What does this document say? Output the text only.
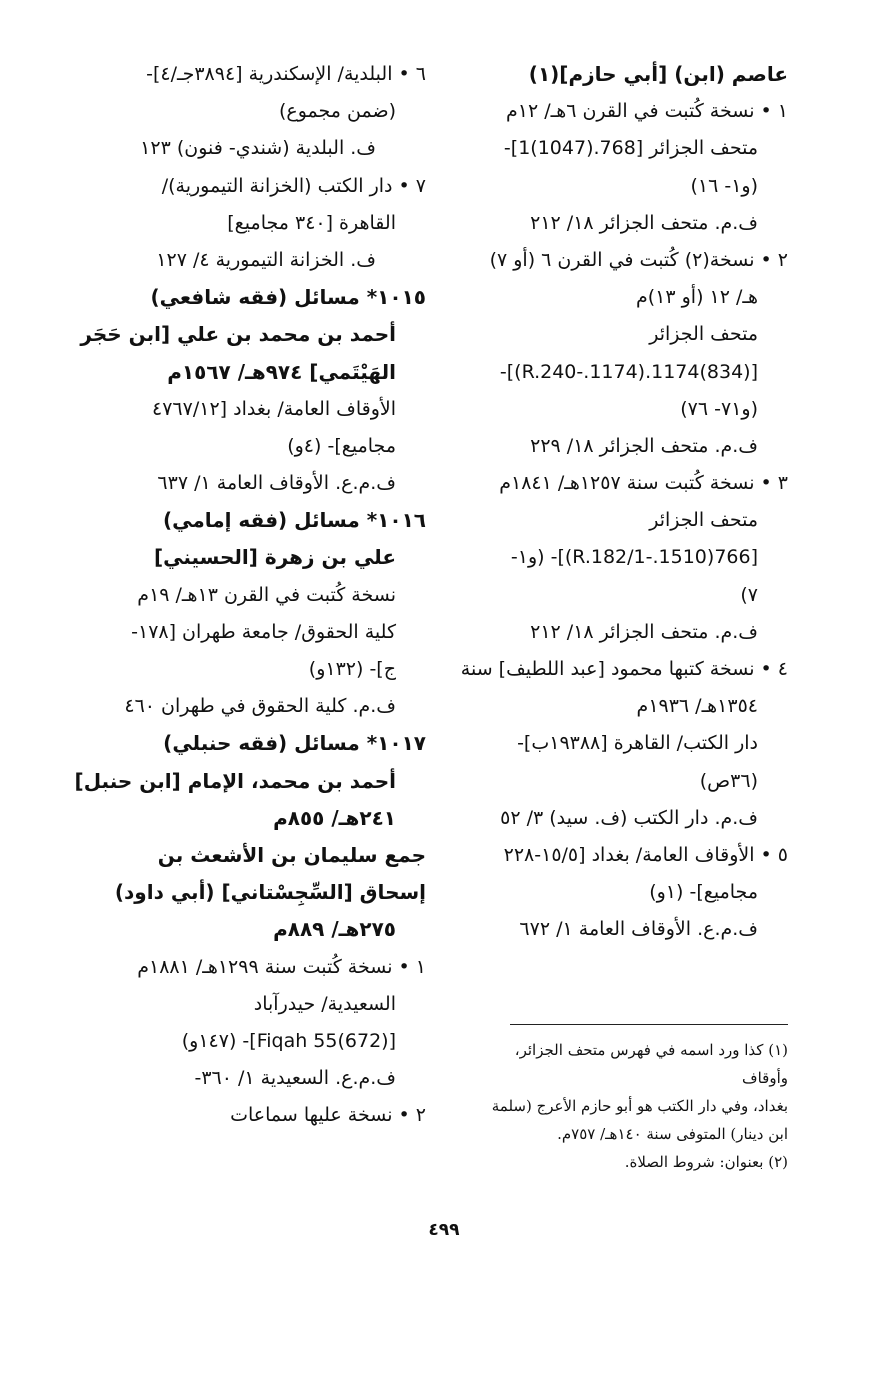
عاصم (ابن) [أبي حازم](١)
١ • نسخة كُتبت في القرن ٦هـ/ ١٢م
متحف الجزائر [768.(1047)1]-
(و١- ١٦)
ف.م. متحف الجزائر ١٨/ ٢١٢
٢ • نسخة(٢) كُتبت في القرن ٦ (أو ٧)
هـ/ ١٢ (أو ١٣)م
متحف الجزائر
[(834)1174.(1174.-R.240)]-
(و٧١- ٧٦)
ف.م. متحف الجزائر ١٨/ ٢٢٩
٣ • نسخة كُتبت سنة ١٢٥٧هـ/ ١٨٤١م
متحف الجزائر
[766(1510.-R.182/1)]- (و١-
٧)
ف.م. متحف الجزائر ١٨/ ٢١٢
٤ • نسخة كتبها محمود [عبد اللطيف] سنة
١٣٥٤هـ/ ١٩٣٦م
دار الكتب/ القاهرة [١٩٣٨٨ب]-
(٣٦ص)
ف.م. دار الكتب (ف. سيد) ٣/ ٥٢
٥ • الأوقاف العامة/ بغداد [١٥/٥-٢٢٨
مجاميع]- (١و)
ف.م.ع. الأوقاف العامة ١/ ٦٧٢
٦ • البلدية/ الإسكندرية [٣٨٩٤جـ/٤]-
(ضمن مجموع)
ف. البلدية (شندي- فنون) ١٢٣
٧ • دار الكتب (الخزانة التيمورية)/
القاهرة [٣٤٠ مجاميع]
ف. الخزانة التيمورية ٤/ ١٢٧
١٠١٥* مسائل (فقه شافعي)
أحمد بن محمد بن علي [ابن حَجَر
الهَيْتَمي] ٩٧٤هـ/ ١٥٦٧م
الأوقاف العامة/ بغداد [٤٧٦٧/١٢
مجاميع]- (٤و)
ف.م.ع. الأوقاف العامة ١/ ٦٣٧
١٠١٦* مسائل (فقه إمامي)
علي بن زهرة [الحسيني]
نسخة كُتبت في القرن ١٣هـ/ ١٩م
كلية الحقوق/ جامعة طهران [١٧٨-
ج]- (١٣٢و)
ف.م. كلية الحقوق في طهران ٤٦٠
١٠١٧* مسائل (فقه حنبلي)
أحمد بن محمد، الإمام [ابن حنبل]
٢٤١هـ/ ٨٥٥م
جمع سليمان بن الأشعث بن
إسحاق [السِّجِسْتاني] (أبي داود)
٢٧٥هـ/ ٨٨٩م
١ • نسخة كُتبت سنة ١٢٩٩هـ/ ١٨٨١م
السعيدية/ حيدرآباد
[(672)Fiqah 55]- (١٤٧و)
ف.م.ع. السعيدية ١/ ٣٦٠-
٢ • نسخة عليها سماعات
(١) كذا ورد اسمه في فهرس متحف الجزائر، وأوقاف
بغداد، وفي دار الكتب هو أبو حازم الأعرج (سلمة
ابن دينار) المتوفى سنة ١٤٠هـ/ ٧٥٧م.
(٢) بعنوان: شروط الصلاة.
٤٩٩
